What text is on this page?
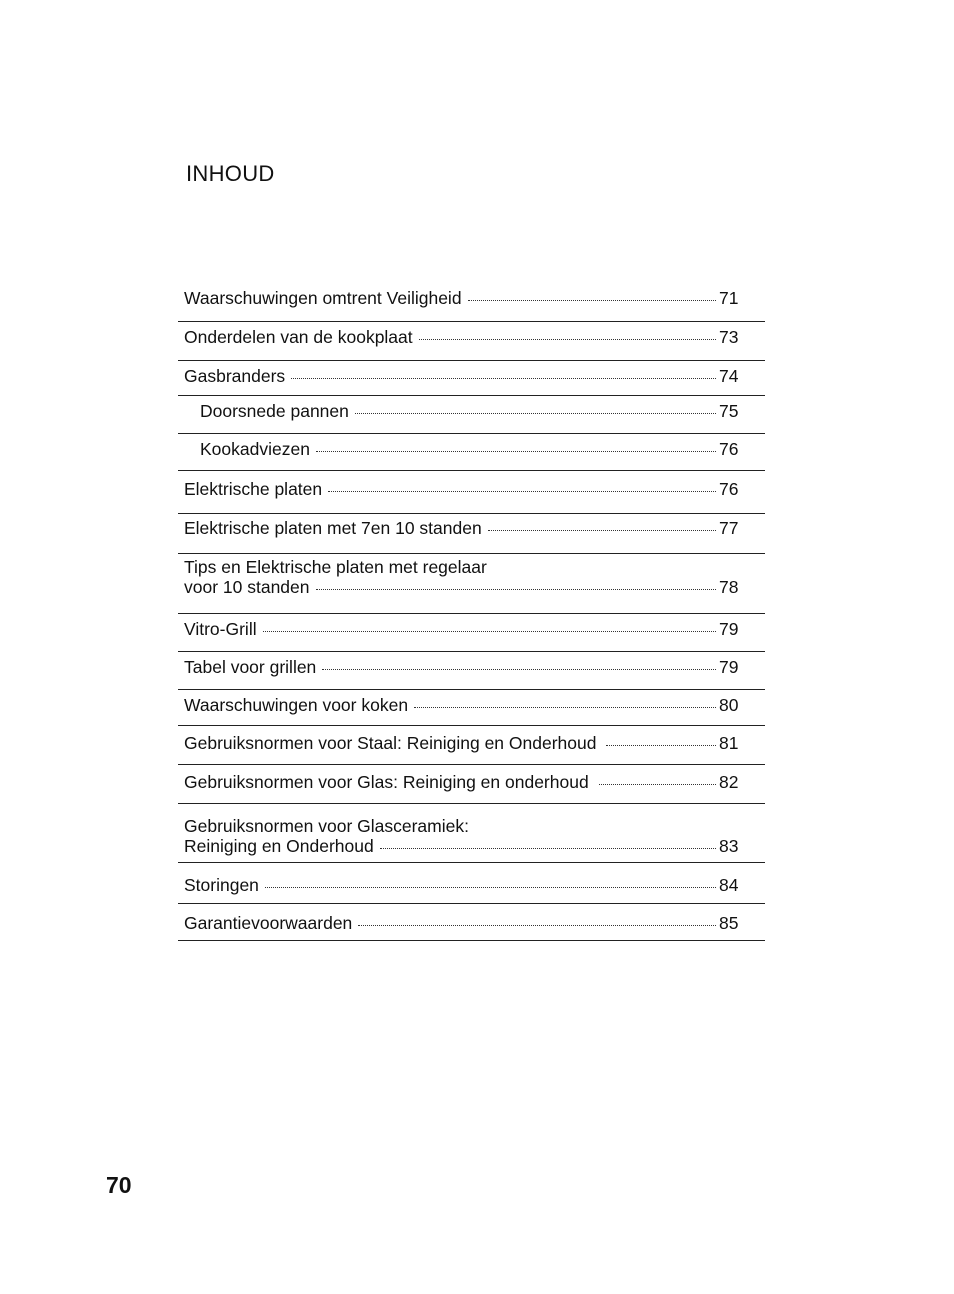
INHOUD
Waarschuwingen omtrent Veiligheid	71
Onderdelen van de kookplaat	73
Gasbranders	74
Doorsnede pannen	75
Kookadviezen	76
Elektrische platen	76
Elektrische platen met 7en 10 standen	77
Tips en Elektrische platen met regelaar
voor 10 standen	78
Vitro-Grill	79
Tabel voor grillen	79
Waarschuwingen voor koken	80
Gebruiksnormen voor Staal: Reiniging en Onderhoud	81
Gebruiksnormen voor Glas: Reiniging en onderhoud	82
Gebruiksnormen voor Glasceramiek:
Reiniging en Onderhoud	83
Storingen	84
Garantievoorwaarden	85
70
